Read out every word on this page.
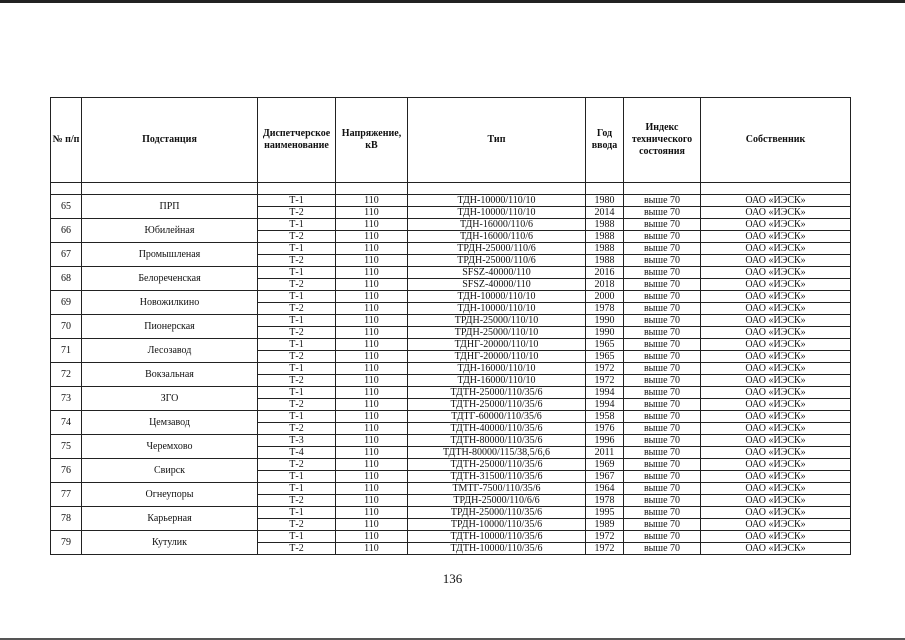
№ п/п	Подстанция	Диспетчерское наименование	Напряжение, кВ	Тип	Год ввода	Индекс технического состояния	Собственник

65	ПРП	Т-1	110	ТДН-10000/110/10	1980	выше 70	ОАО «ИЭСК»
		Т-2	110	ТДН-10000/110/10	2014	выше 70	ОАО «ИЭСК»
66	Юбилейная	Т-1	110	ТДН-16000/110/6	1988	выше 70	ОАО «ИЭСК»
		Т-2	110	ТДН-16000/110/6	1988	выше 70	ОАО «ИЭСК»
67	Промышленая	Т-1	110	ТРДН-25000/110/6	1988	выше 70	ОАО «ИЭСК»
		Т-2	110	ТРДН-25000/110/6	1988	выше 70	ОАО «ИЭСК»
68	Белореченская	Т-1	110	SFSZ-40000/110	2016	выше 70	ОАО «ИЭСК»
		Т-2	110	SFSZ-40000/110	2018	выше 70	ОАО «ИЭСК»
69	Новожилкино	Т-1	110	ТДН-10000/110/10	2000	выше 70	ОАО «ИЭСК»
		Т-2	110	ТДН-10000/110/10	1978	выше 70	ОАО «ИЭСК»
70	Пионерская	Т-1	110	ТРДН-25000/110/10	1990	выше 70	ОАО «ИЭСК»
		Т-2	110	ТРДН-25000/110/10	1990	выше 70	ОАО «ИЭСК»
71	Лесозавод	Т-1	110	ТДНГ-20000/110/10	1965	выше 70	ОАО «ИЭСК»
		Т-2	110	ТДНГ-20000/110/10	1965	выше 70	ОАО «ИЭСК»
72	Вокзальная	Т-1	110	ТДН-16000/110/10	1972	выше 70	ОАО «ИЭСК»
		Т-2	110	ТДН-16000/110/10	1972	выше 70	ОАО «ИЭСК»
73	ЗГО	Т-1	110	ТДТН-25000/110/35/6	1994	выше 70	ОАО «ИЭСК»
		Т-2	110	ТДТН-25000/110/35/6	1994	выше 70	ОАО «ИЭСК»
74	Цемзавод	Т-1	110	ТДТГ-60000/110/35/6	1958	выше 70	ОАО «ИЭСК»
		Т-2	110	ТДТН-40000/110/35/6	1976	выше 70	ОАО «ИЭСК»
75	Черемхово	Т-3	110	ТДТН-80000/110/35/6	1996	выше 70	ОАО «ИЭСК»
		Т-4	110	ТДТН-80000/115/38,5/6,6	2011	выше 70	ОАО «ИЭСК»
76	Свирск	Т-2	110	ТДТН-25000/110/35/6	1969	выше 70	ОАО «ИЭСК»
		Т-1	110	ТДТН-31500/110/35/6	1967	выше 70	ОАО «ИЭСК»
77	Огнеупоры	Т-1	110	ТМТГ-7500/110/35/6	1964	выше 70	ОАО «ИЭСК»
		Т-2	110	ТРДН-25000/110/6/6	1978	выше 70	ОАО «ИЭСК»
78	Карьерная	Т-1	110	ТРДН-25000/110/35/6	1995	выше 70	ОАО «ИЭСК»
		Т-2	110	ТРДН-10000/110/35/6	1989	выше 70	ОАО «ИЭСК»
79	Кутулик	Т-1	110	ТДТН-10000/110/35/6	1972	выше 70	ОАО «ИЭСК»
		Т-2	110	ТДТН-10000/110/35/6	1972	выше 70	ОАО «ИЭСК»
136
